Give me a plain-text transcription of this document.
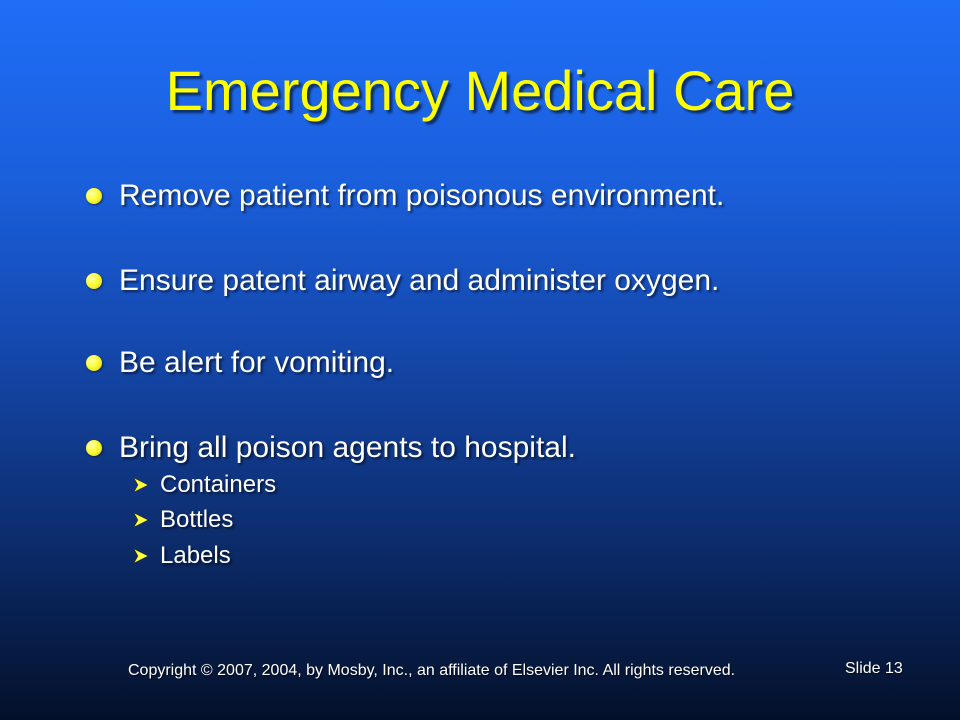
Emergency Medical Care
Remove patient from poisonous environment.
Ensure patent airway and administer oxygen.
Be alert for vomiting.
Bring all poison agents to hospital.
Containers
Bottles
Labels
Copyright © 2007, 2004, by Mosby, Inc., an affiliate of Elsevier Inc. All rights reserved.	Slide 13
